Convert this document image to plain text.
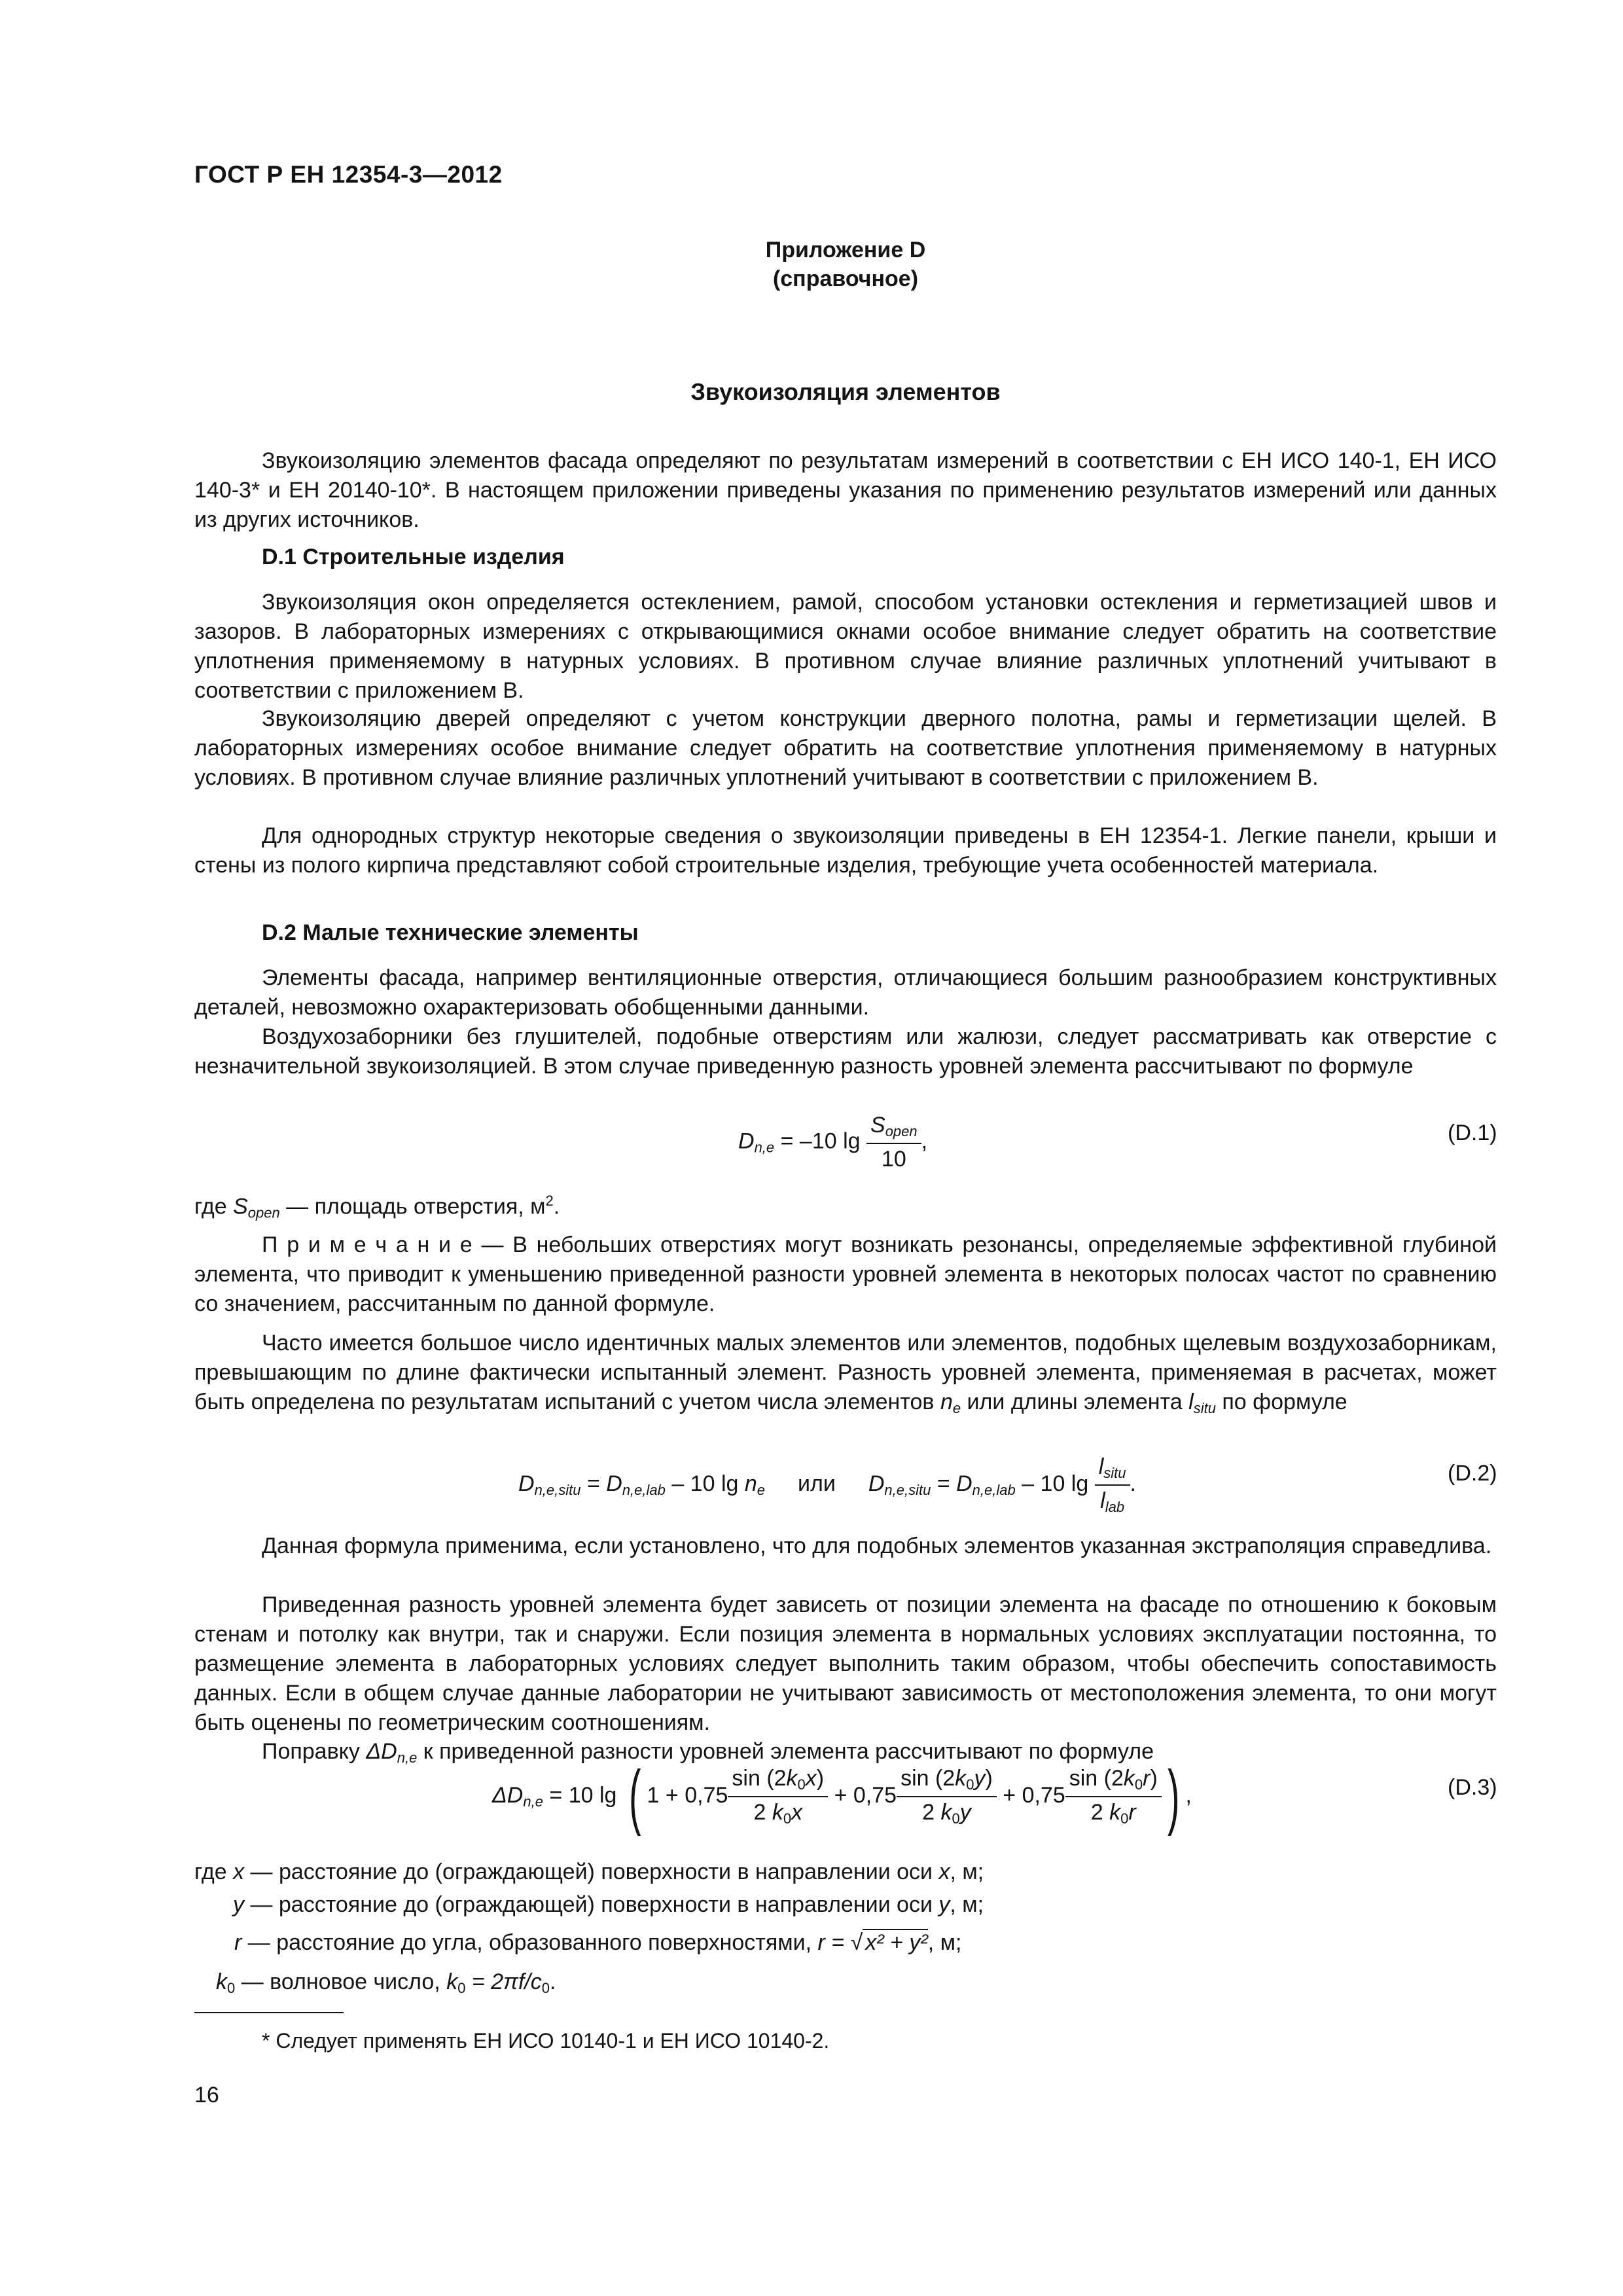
ГОСТ Р ЕН 12354-3—2012
Приложение D
(справочное)
Звукоизоляция элементов
Звукоизоляцию элементов фасада определяют по результатам измерений в соответствии с ЕН ИСО 140-1, ЕН ИСО 140-3* и ЕН 20140-10*. В настоящем приложении приведены указания по применению результатов измерений или данных из других источников.
D.1 Строительные изделия
Звукоизоляция окон определяется остеклением, рамой, способом установки остекления и герметизацией швов и зазоров. В лабораторных измерениях с открывающимися окнами особое внимание следует обратить на соответствие уплотнения применяемому в натурных условиях. В противном случае влияние различных уплотнений учитывают в соответствии с приложением B.
Звукоизоляцию дверей определяют с учетом конструкции дверного полотна, рамы и герметизации щелей. В лабораторных измерениях особое внимание следует обратить на соответствие уплотнения применяемому в натурных условиях. В противном случае влияние различных уплотнений учитывают в соответствии с приложением B.
Для однородных структур некоторые сведения о звукоизоляции приведены в ЕН 12354-1. Легкие панели, крыши и стены из полого кирпича представляют собой строительные изделия, требующие учета особенностей материала.
D.2 Малые технические элементы
Элементы фасада, например вентиляционные отверстия, отличающиеся большим разнообразием конструктивных деталей, невозможно охарактеризовать обобщенными данными.
Воздухозаборники без глушителей, подобные отверстиям или жалюзи, следует рассматривать как отверстие с незначительной звукоизоляцией. В этом случае приведенную разность уровней элемента рассчитывают по формуле
$D_{n,e} = -10$ $\lg \frac{S_{open}}{10}$ ,	(D.1)
где $S_{open}$ — площадь отверстия, $м^2$.
П р и м е ч а н и е — В небольших отверстиях могут возникать резонансы, определяемые эффективной глубиной элемента, что приводит к уменьшению приведенной разности уровней элемента в некоторых полосах частот по сравнению со значением, рассчитанным по данной формуле.
Часто имеется большое число идентичных малых элементов или элементов, подобных щелевым воздухозаборникам, превышающим по длине фактически испытанный элемент. Разность уровней элемента, применяемая в расчетах, может быть определена по результатам испытаний с учетом числа элементов $n_e$ или длины элемента $l_{situ}$ по формуле
$D_{n,e,situ} = D_{n,e,lab} - 10$ $\lg n_e$ или $D_{n,e,situ} = D_{n,e,lab} - 10$ $\lg \frac{l_{situ}}{l_{lab}}$ .	(D.2)
Данная формула применима, если установлено, что для подобных элементов указанная экстраполяция справедлива.
Приведенная разность уровней элемента будет зависеть от позиции элемента на фасаде по отношению к боковым стенам и потолку как внутри, так и снаружи. Если позиция элемента в нормальных условиях эксплуатации постоянна, то размещение элемента в лабораторных условиях следует выполнить таким образом, чтобы обеспечить сопоставимость данных. Если в общем случае данные лаборатории не учитывают зависимость от местоположения элемента, то они могут быть оценены по геометрическим соотношениям.
Поправку $\Delta D_{n,e}$ к приведенной разности уровней элемента рассчитывают по формуле
$\Delta D_{n,e} = 10$ lg ( $1 + 0,75 \frac{\sin (2k_0x)}{2 k_0x} + 0,75 \frac{\sin (2k_0y)}{2 k_0y} + 0,75 \frac{\sin (2k_0r)}{2 k_0r}$ ) ,	(D.3)
где x — расстояние до (ограждающей) поверхности в направлении оси x, м;
y — расстояние до (ограждающей) поверхности в направлении оси y, м;
r — расстояние до угла, образованного поверхностями, r = √ x² + y², м;
$k_0$ — волновое число, $k_0 = 2\pi f/c_0$.
* Следует применять ЕН ИСО 10140-1 и ЕН ИСО 10140-2.
16
